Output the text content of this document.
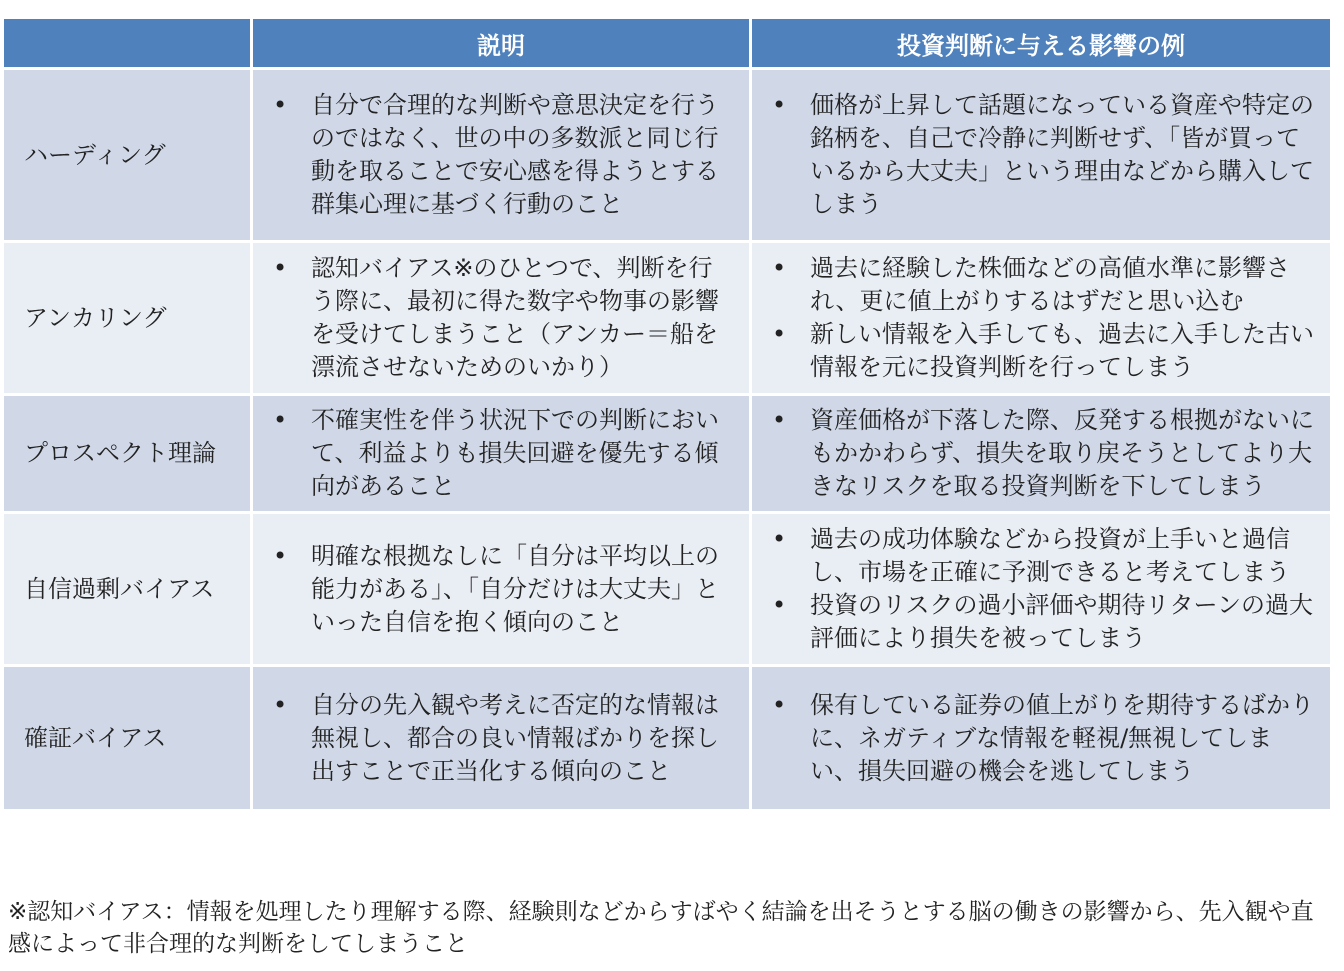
説明	投資判断に与える影響の例
ハーディング
• 自分で合理的な判断や意思決定を行うのではなく、世の中の多数派と同じ行動を取ることで安心感を得ようとする群集心理に基づく行動のこと
• 価格が上昇して話題になっている資産や特定の銘柄を、自己で冷静に判断せず、「皆が買っているから大丈夫」という理由などから購入してしまう
アンカリング
• 認知バイアス※のひとつで、判断を行う際に、最初に得た数字や物事の影響を受けてしまうこと（アンカー＝船を漂流させないためのいかり）
• 過去に経験した株価などの高値水準に影響され、更に値上がりするはずだと思い込む
• 新しい情報を入手しても、過去に入手した古い情報を元に投資判断を行ってしまう
プロスペクト理論
• 不確実性を伴う状況下での判断において、利益よりも損失回避を優先する傾向があること
• 資産価格が下落した際、反発する根拠がないにもかかわらず、損失を取り戻そうとしてより大きなリスクを取る投資判断を下してしまう
自信過剰バイアス
• 明確な根拠なしに「自分は平均以上の能力がある」、「自分だけは大丈夫」といった自信を抱く傾向のこと
• 過去の成功体験などから投資が上手いと過信し、市場を正確に予測できると考えてしまう
• 投資のリスクの過小評価や期待リターンの過大評価により損失を被ってしまう
確証バイアス
• 自分の先入観や考えに否定的な情報は無視し、都合の良い情報ばかりを探し出すことで正当化する傾向のこと
• 保有している証券の値上がりを期待するばかりに、ネガティブな情報を軽視/無視してしまい、損失回避の機会を逃してしまう
※認知バイアス：情報を処理したり理解する際、経験則などからすばやく結論を出そうとする脳の働きの影響から、先入観や直感によって非合理的な判断をしてしまうこと
